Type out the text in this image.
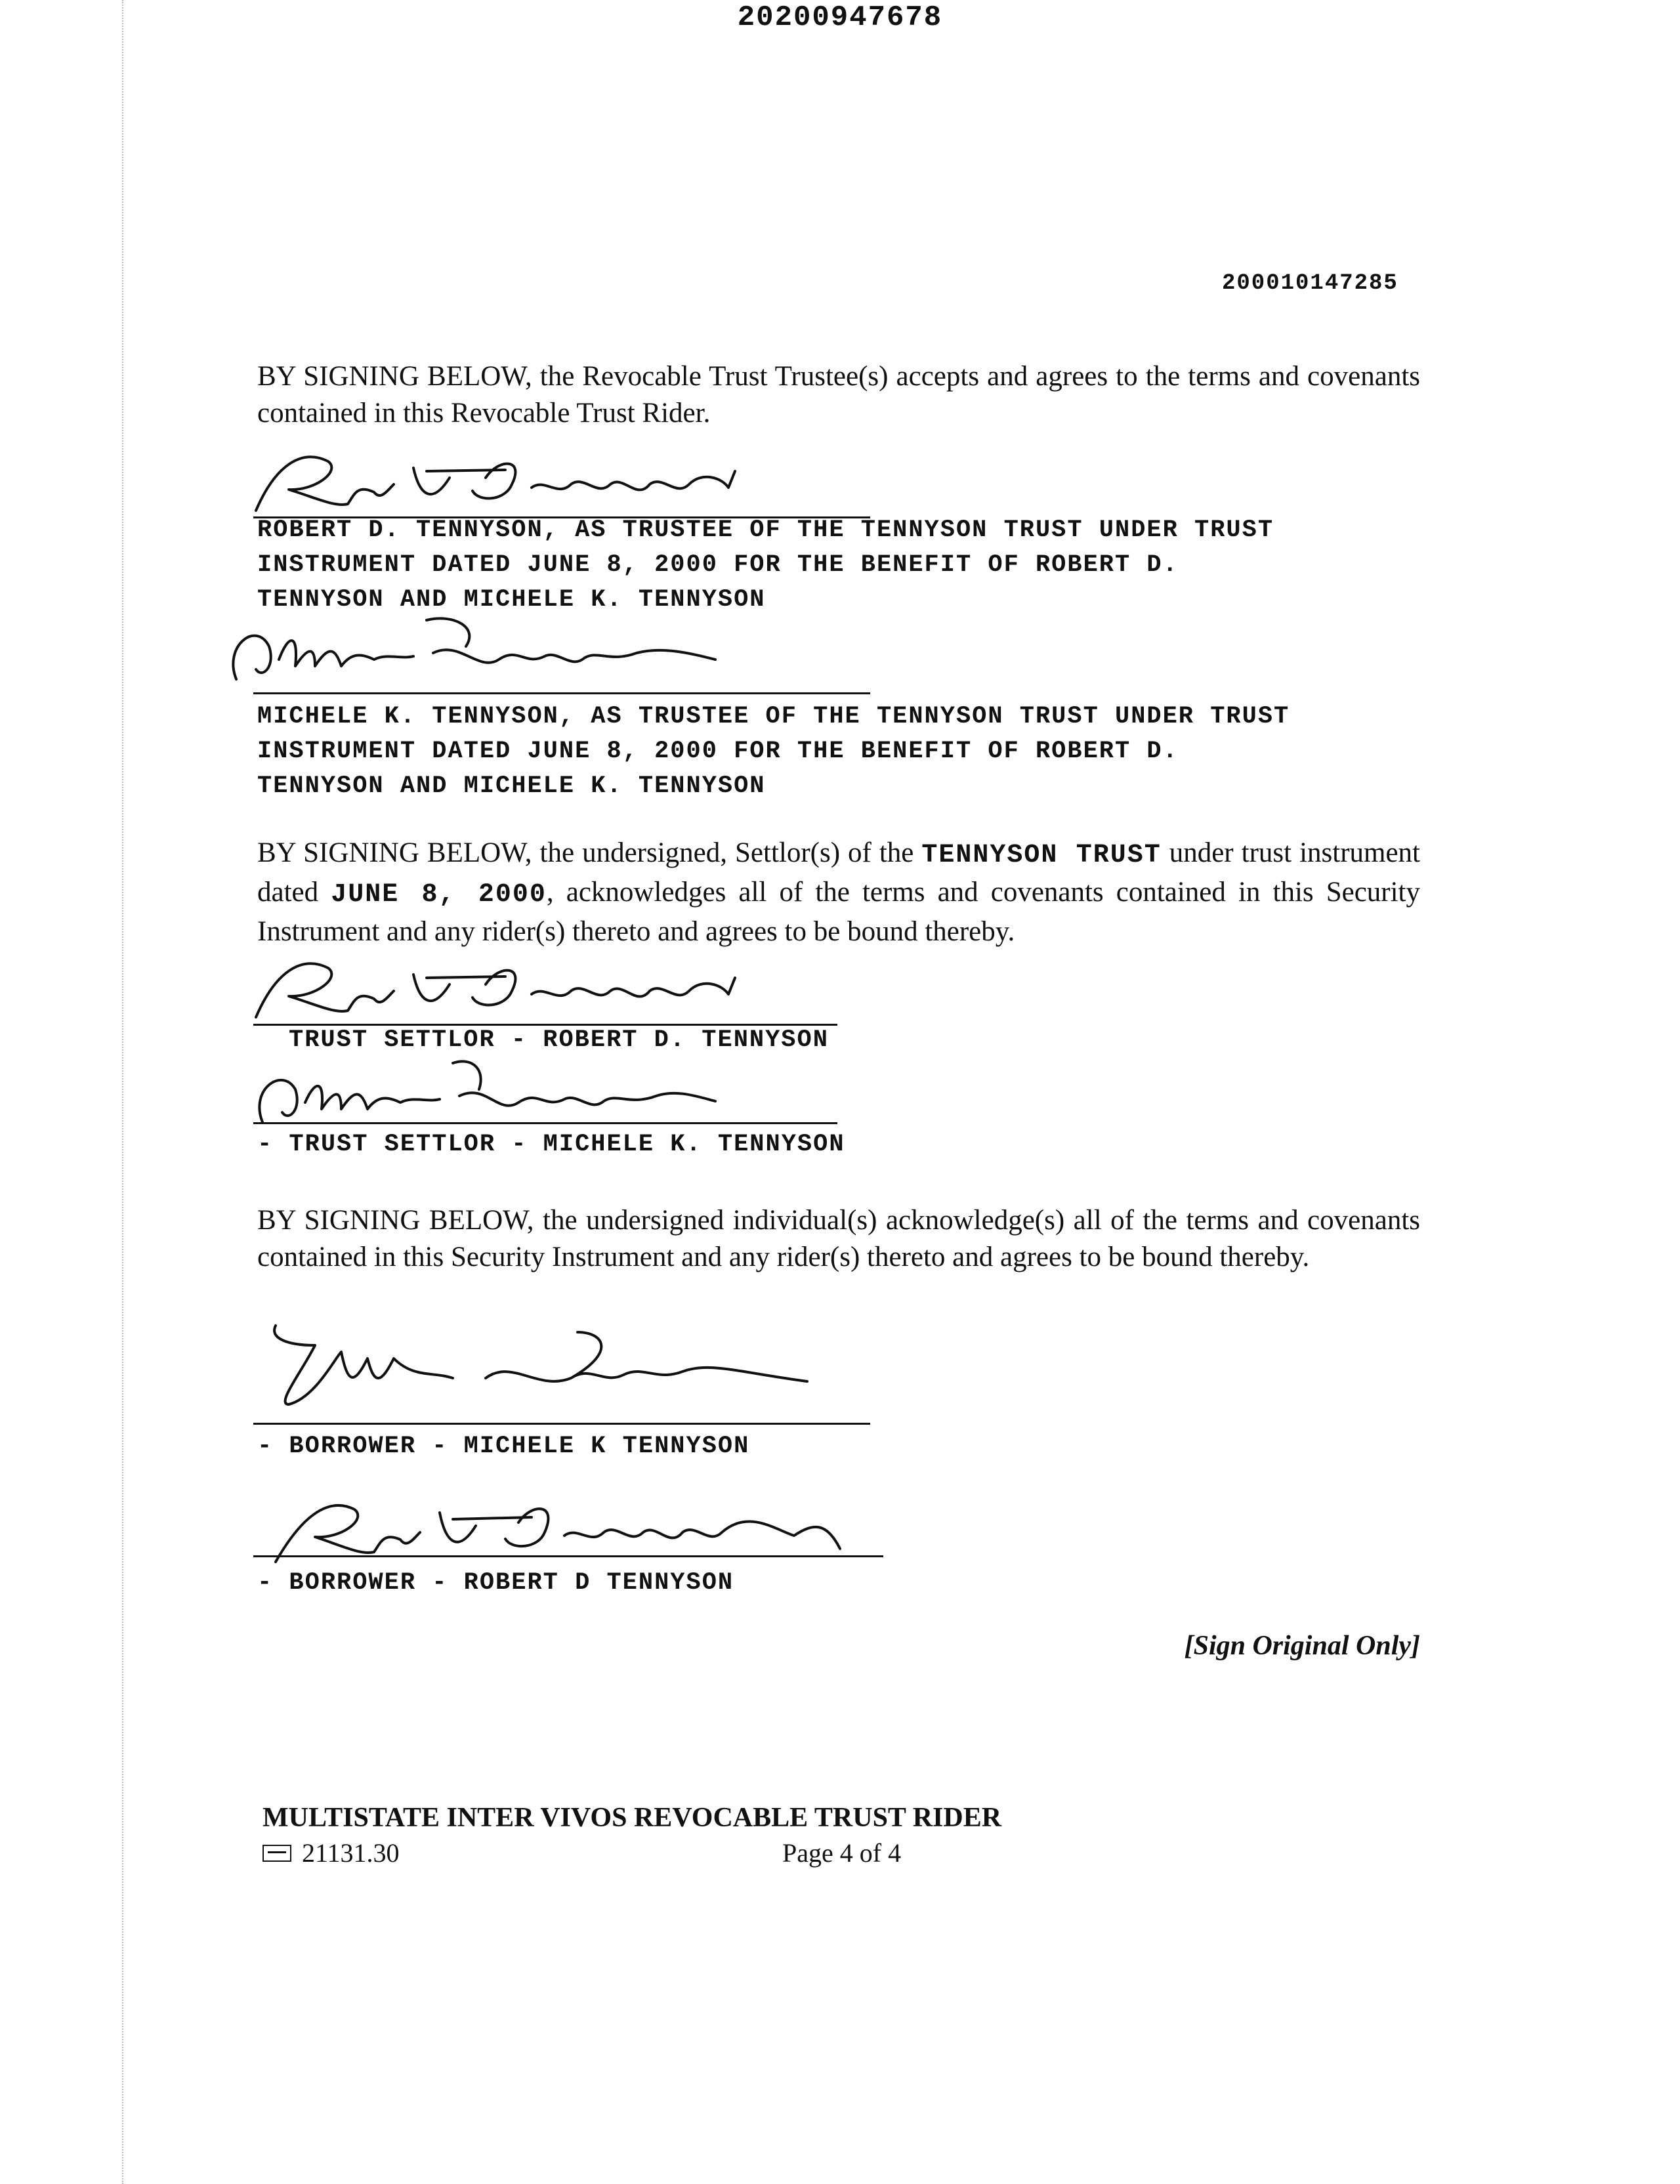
20200947678
200010147285
BY SIGNING BELOW, the Revocable Trust Trustee(s) accepts and agrees to the terms and covenants contained in this Revocable Trust Rider.
ROBERT D. TENNYSON, AS TRUSTEE OF THE TENNYSON TRUST UNDER TRUST
INSTRUMENT DATED JUNE 8, 2000 FOR THE BENEFIT OF ROBERT D.
TENNYSON AND MICHELE K. TENNYSON
MICHELE K. TENNYSON, AS TRUSTEE OF THE TENNYSON TRUST UNDER TRUST
INSTRUMENT DATED JUNE 8, 2000 FOR THE BENEFIT OF ROBERT D.
TENNYSON AND MICHELE K. TENNYSON
BY SIGNING BELOW, the undersigned, Settlor(s) of the TENNYSON TRUST under trust instrument dated JUNE 8, 2000, acknowledges all of the terms and covenants contained in this Security Instrument and any rider(s) thereto and agrees to be bound thereby.
TRUST SETTLOR - ROBERT D. TENNYSON
- TRUST SETTLOR - MICHELE K. TENNYSON
BY SIGNING BELOW, the undersigned individual(s) acknowledge(s) all of the terms and covenants contained in this Security Instrument and any rider(s) thereto and agrees to be bound thereby.
- BORROWER - MICHELE K TENNYSON
- BORROWER - ROBERT D TENNYSON
[Sign Original Only]
MULTISTATE INTER VIVOS REVOCABLE TRUST RIDER
21131.30	Page 4 of 4
